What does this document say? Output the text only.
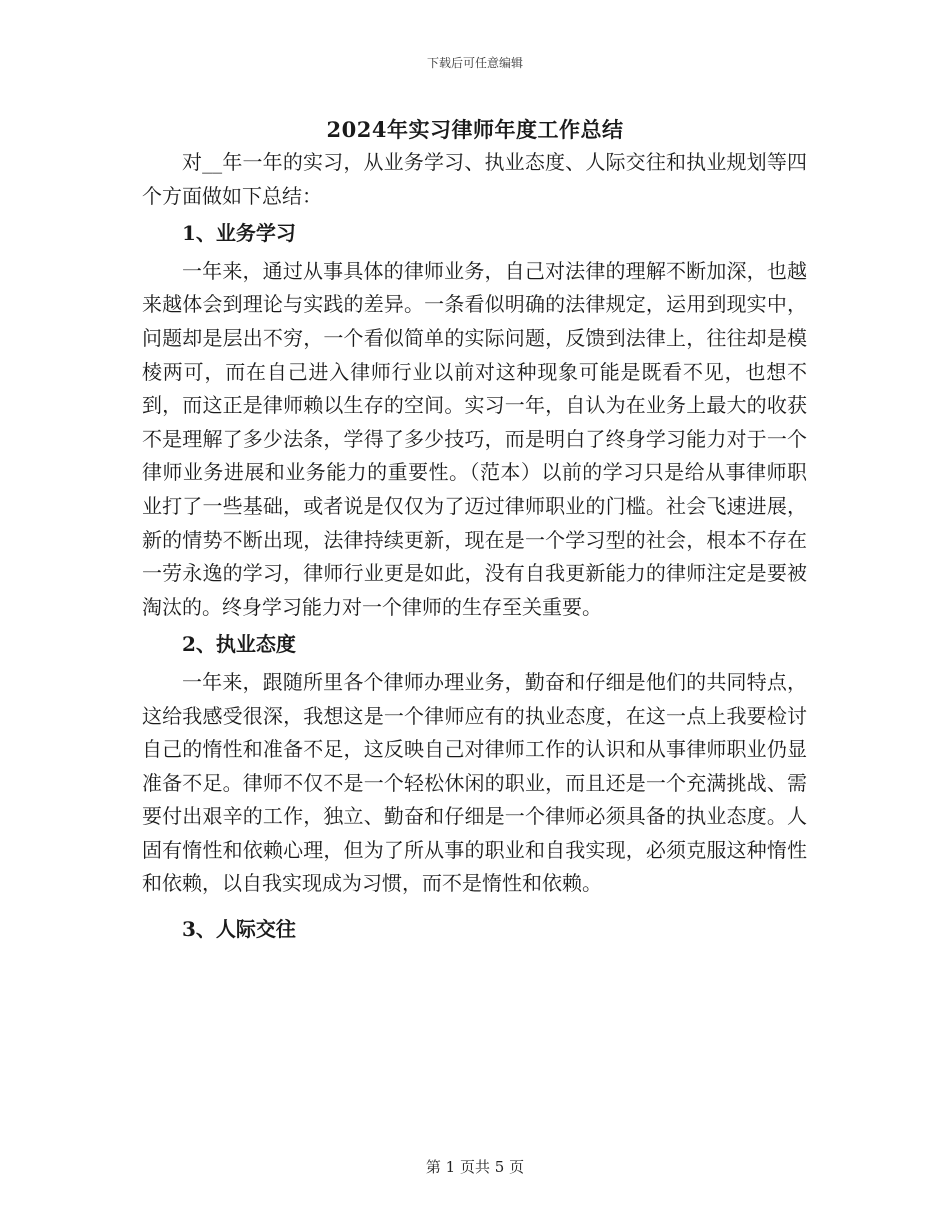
下载后可任意编辑
2024年实习律师年度工作总结

对__年一年的实习，从业务学习、执业态度、人际交往和执业规划等四个方面做如下总结：

1、业务学习

一年来，通过从事具体的律师业务，自己对法律的理解不断加深，也越来越体会到理论与实践的差异。一条看似明确的法律规定，运用到现实中，问题却是层出不穷，一个看似简单的实际问题，反馈到法律上，往往却是模棱两可，而在自己进入律师行业以前对这种现象可能是既看不见，也想不到，而这正是律师赖以生存的空间。实习一年，自认为在业务上最大的收获不是理解了多少法条，学得了多少技巧，而是明白了终身学习能力对于一个律师业务进展和业务能力的重要性。（范本）以前的学习只是给从事律师职业打了一些基础，或者说是仅仅为了迈过律师职业的门槛。社会飞速进展，新的情势不断出现，法律持续更新，现在是一个学习型的社会，根本不存在一劳永逸的学习，律师行业更是如此，没有自我更新能力的律师注定是要被淘汰的。终身学习能力对一个律师的生存至关重要。

2、执业态度

一年来，跟随所里各个律师办理业务，勤奋和仔细是他们的共同特点，这给我感受很深，我想这是一个律师应有的执业态度，在这一点上我要检讨自己的惰性和准备不足，这反映自己对律师工作的认识和从事律师职业仍显准备不足。律师不仅不是一个轻松休闲的职业，而且还是一个充满挑战、需要付出艰辛的工作，独立、勤奋和仔细是一个律师必须具备的执业态度。人固有惰性和依赖心理，但为了所从事的职业和自我实现，必须克服这种惰性和依赖，以自我实现成为习惯，而不是惰性和依赖。

3、人际交往
第 1 页共 5 页
